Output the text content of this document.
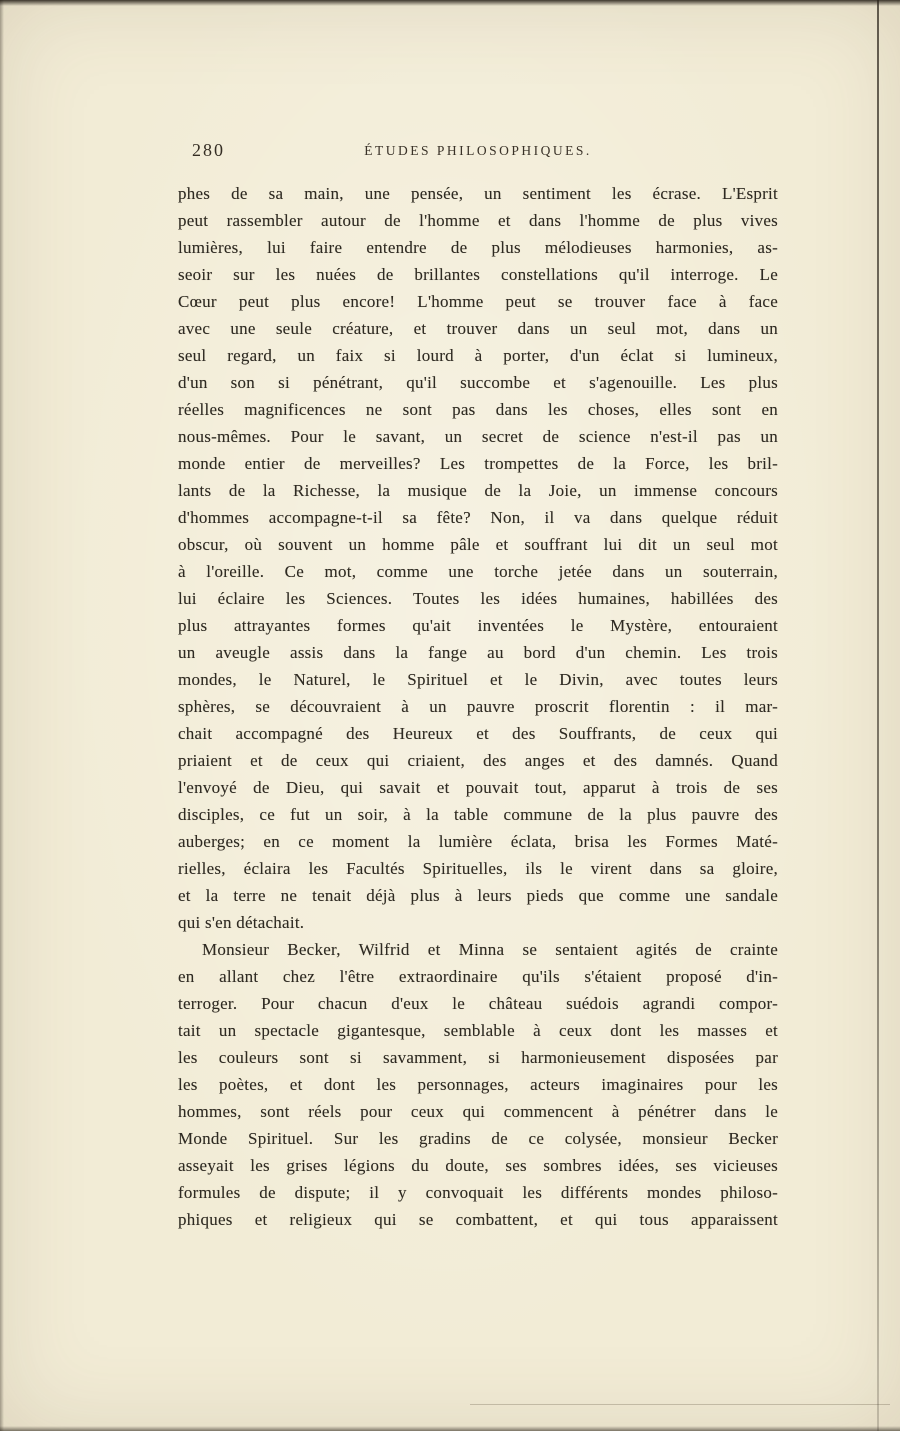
280	ÉTUDES PHILOSOPHIQUES.
phes de sa main, une pensée, un sentiment les écrase. L'Esprit
peut rassembler autour de l'homme et dans l'homme de plus vives
lumières, lui faire entendre de plus mélodieuses harmonies, as-
seoir sur les nuées de brillantes constellations qu'il interroge. Le
Cœur peut plus encore! L'homme peut se trouver face à face
avec une seule créature, et trouver dans un seul mot, dans un
seul regard, un faix si lourd à porter, d'un éclat si lumineux,
d'un son si pénétrant, qu'il succombe et s'agenouille. Les plus
réelles magnificences ne sont pas dans les choses, elles sont en
nous-mêmes. Pour le savant, un secret de science n'est-il pas un
monde entier de merveilles? Les trompettes de la Force, les bril-
lants de la Richesse, la musique de la Joie, un immense concours
d'hommes accompagne-t-il sa fête? Non, il va dans quelque réduit
obscur, où souvent un homme pâle et souffrant lui dit un seul mot
à l'oreille. Ce mot, comme une torche jetée dans un souterrain,
lui éclaire les Sciences. Toutes les idées humaines, habillées des
plus attrayantes formes qu'ait inventées le Mystère, entouraient
un aveugle assis dans la fange au bord d'un chemin. Les trois
mondes, le Naturel, le Spirituel et le Divin, avec toutes leurs
sphères, se découvraient à un pauvre proscrit florentin : il mar-
chait accompagné des Heureux et des Souffrants, de ceux qui
priaient et de ceux qui criaient, des anges et des damnés. Quand
l'envoyé de Dieu, qui savait et pouvait tout, apparut à trois de ses
disciples, ce fut un soir, à la table commune de la plus pauvre des
auberges; en ce moment la lumière éclata, brisa les Formes Maté-
rielles, éclaira les Facultés Spirituelles, ils le virent dans sa gloire,
et la terre ne tenait déjà plus à leurs pieds que comme une sandale
qui s'en détachait.
Monsieur Becker, Wilfrid et Minna se sentaient agités de crainte
en allant chez l'être extraordinaire qu'ils s'étaient proposé d'in-
terroger. Pour chacun d'eux le château suédois agrandi compor-
tait un spectacle gigantesque, semblable à ceux dont les masses et
les couleurs sont si savamment, si harmonieusement disposées par
les poètes, et dont les personnages, acteurs imaginaires pour les
hommes, sont réels pour ceux qui commencent à pénétrer dans le
Monde Spirituel. Sur les gradins de ce colysée, monsieur Becker
asseyait les grises légions du doute, ses sombres idées, ses vicieuses
formules de dispute; il y convoquait les différents mondes philoso-
phiques et religieux qui se combattent, et qui tous apparaissent
